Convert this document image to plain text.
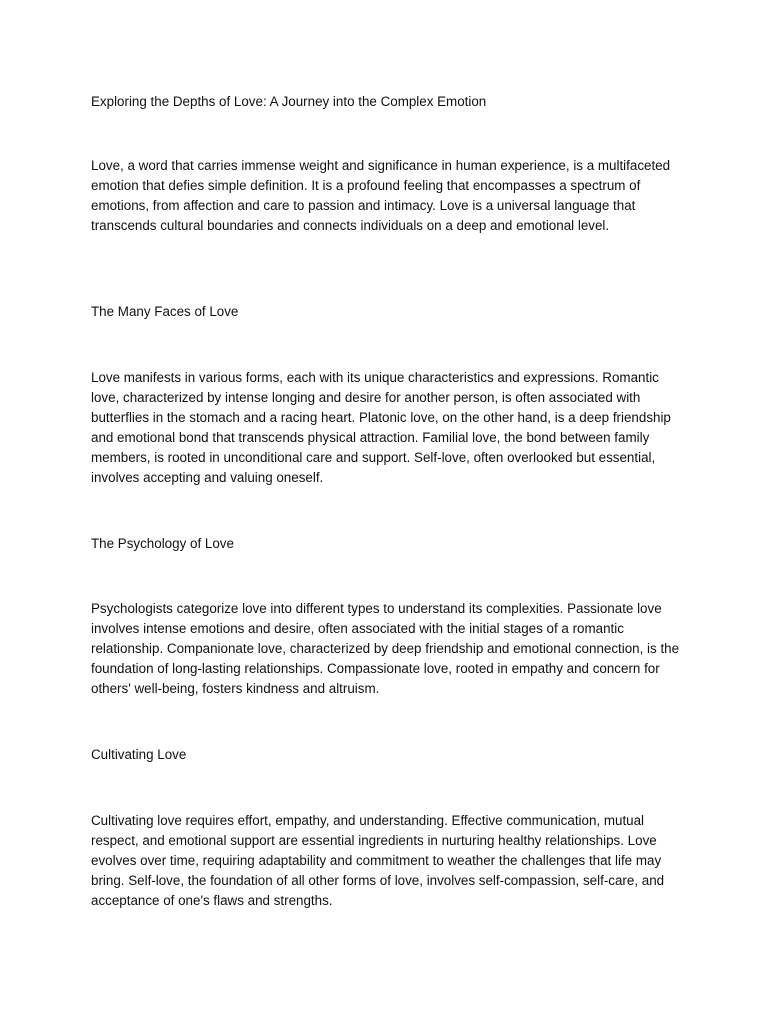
Exploring the Depths of Love: A Journey into the Complex Emotion

Love, a word that carries immense weight and significance in human experience, is a multifaceted emotion that defies simple definition. It is a profound feeling that encompasses a spectrum of emotions, from affection and care to passion and intimacy. Love is a universal language that transcends cultural boundaries and connects individuals on a deep and emotional level.

The Many Faces of Love

Love manifests in various forms, each with its unique characteristics and expressions. Romantic love, characterized by intense longing and desire for another person, is often associated with butterflies in the stomach and a racing heart. Platonic love, on the other hand, is a deep friendship and emotional bond that transcends physical attraction. Familial love, the bond between family members, is rooted in unconditional care and support. Self-love, often overlooked but essential, involves accepting and valuing oneself.

The Psychology of Love

Psychologists categorize love into different types to understand its complexities. Passionate love involves intense emotions and desire, often associated with the initial stages of a romantic relationship. Companionate love, characterized by deep friendship and emotional connection, is the foundation of long-lasting relationships. Compassionate love, rooted in empathy and concern for others' well-being, fosters kindness and altruism.

Cultivating Love

Cultivating love requires effort, empathy, and understanding. Effective communication, mutual respect, and emotional support are essential ingredients in nurturing healthy relationships. Love evolves over time, requiring adaptability and commitment to weather the challenges that life may bring. Self-love, the foundation of all other forms of love, involves self-compassion, self-care, and acceptance of one's flaws and strengths.
